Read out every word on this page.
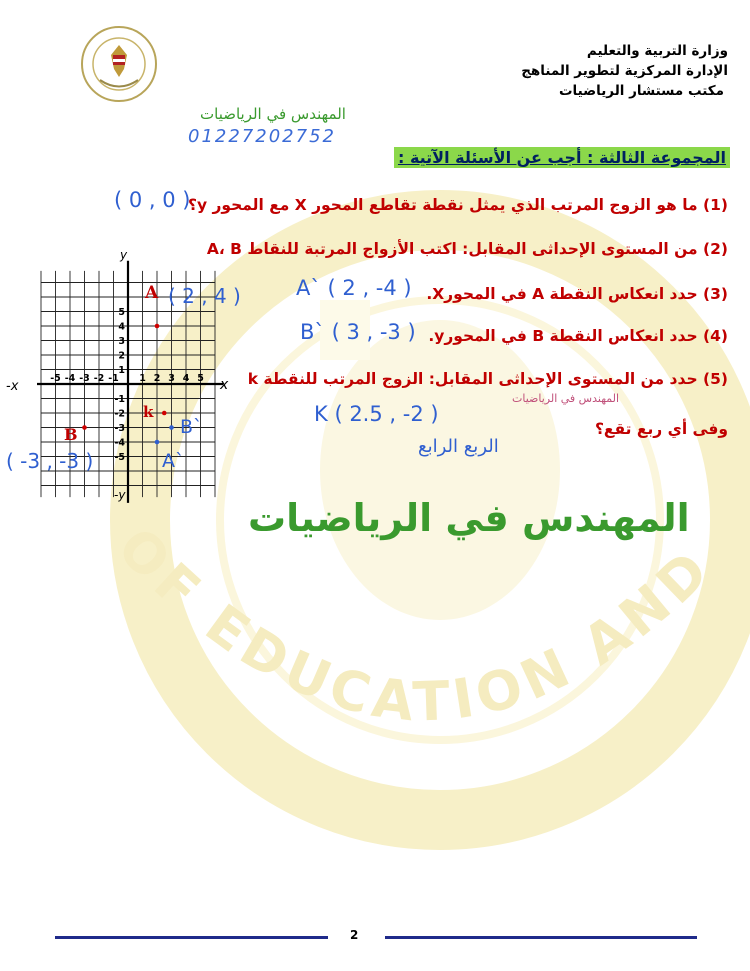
OF EDUCATION AND
وزارة التربية والتعليم
الإدارة المركزية لتطوير المناهج
مكتب مستشار الرياضيات
المهندس في الرياضيات
01227202752
المجموعة الثالثة : أجب عن الأسئلة الآتية :
(1) ما هو الزوج المرتب الذي يمثل نقطة تقاطع المحور X مع المحور y؟
( 0 , 0 )
(2) من المستوى الإحداثى المقابل: اكتب الأزواج المرتبة للنقاط A، B
(3) حدد انعكاس النقطة A في المحورX.
A` ( 2 , -4 )
(4) حدد انعكاس النقطة B في المحورy.
B` ( 3 , -3 )
(5) حدد من المستوى الإحداثى المقابل: الزوج المرتب للنقطة k
المهندس في الرياضيات
K ( 2.5 , -2 )
وفى أي ربع تقع؟
الربع الرابع
المهندس في الرياضيات
-5 -4 -3 -2 -1 1 2 3 4 5
5
4
3
2
1
-1
-2
-3
-4
-5
-x	x
y
-y
A ( 2 , 4 )
B
( -3 , -3 )
k
B`
A`
2
